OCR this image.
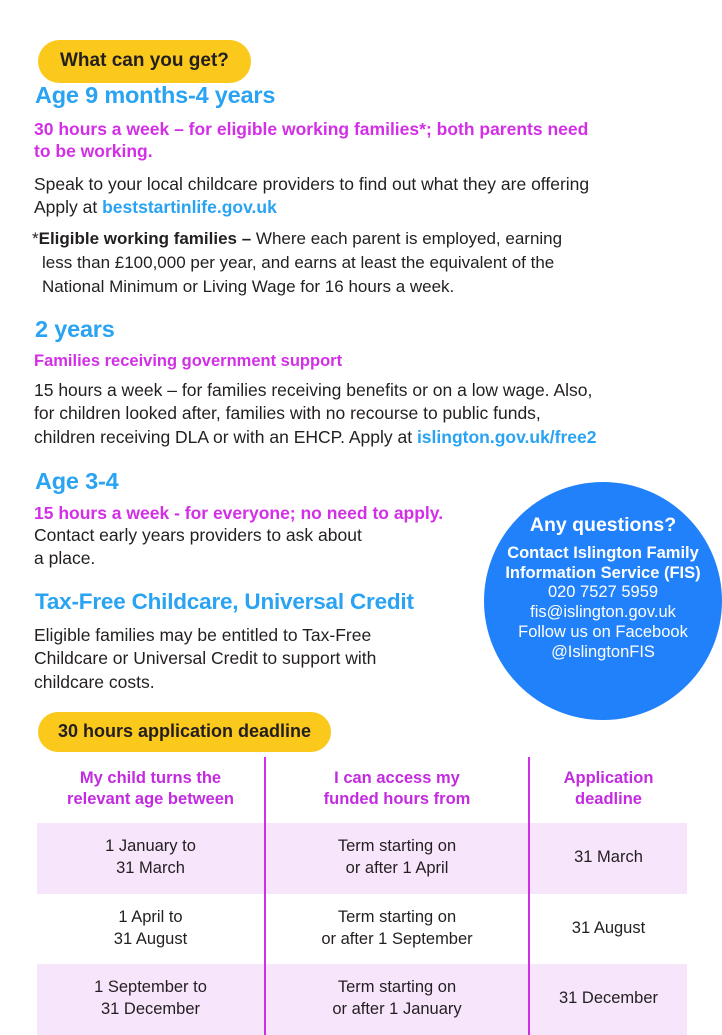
What can you get?
Age 9 months-4 years
30 hours a week – for eligible working families*; both parents need
to be working.
Speak to your local childcare providers to find out what they are offering
Apply at beststartinlife.gov.uk
*Eligible working families – Where each parent is employed, earning
less than £100,000 per year, and earns at least the equivalent of the
National Minimum or Living Wage for 16 hours a week.
2 years
Families receiving government support
15 hours a week – for families receiving benefits or on a low wage. Also,
for children looked after, families with no recourse to public funds,
children receiving DLA or with an EHCP. Apply at islington.gov.uk/free2
Age 3-4
15 hours a week - for everyone; no need to apply.
Contact early years providers to ask about
a place.
Tax-Free Childcare, Universal Credit
Eligible families may be entitled to Tax-Free
Childcare or Universal Credit to support with
childcare costs.
Any questions?
Contact Islington Family
Information Service (FIS)
020 7527 5959
fis@islington.gov.uk
Follow us on Facebook
@IslingtonFIS
30 hours application deadline
My child turns the
relevant age between	I can access my
funded hours from	Application
deadline
1 January to
31 March	Term starting on
or after 1 April	31 March
1 April to
31 August	Term starting on
or after 1 September	31 August
1 September to
31 December	Term starting on
or after 1 January	31 December
